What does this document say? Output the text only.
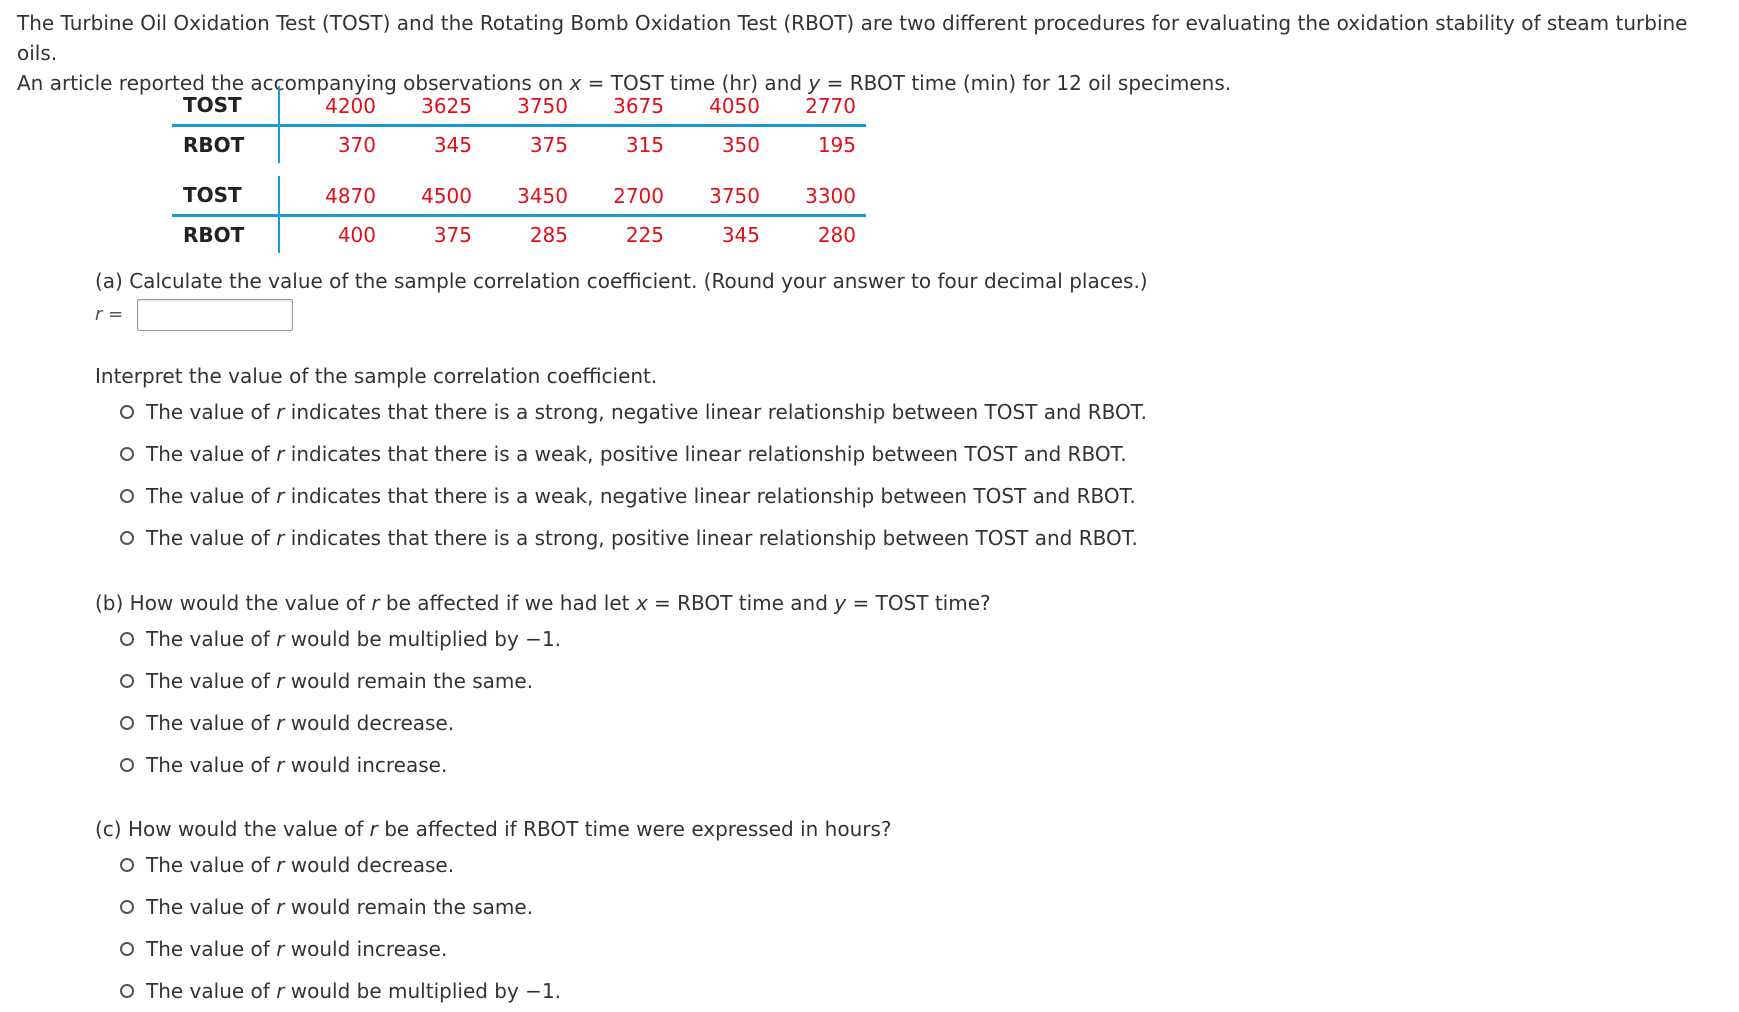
The Turbine Oil Oxidation Test (TOST) and the Rotating Bomb Oxidation Test (RBOT) are two different procedures for evaluating the oxidation stability of steam turbine oils.

An article reported the accompanying observations on x = TOST time (hr) and y = RBOT time (min) for 12 oil specimens.

TOST	4200	3625	3750	3675	4050	2770
RBOT	370	345	375	315	350	195
TOST	4870	4500	3450	2700	3750	3300
RBOT	400	375	285	225	345	280

(a) Calculate the value of the sample correlation coefficient. (Round your answer to four decimal places.)

r =

Interpret the value of the sample correlation coefficient.

The value of r indicates that there is a strong, negative linear relationship between TOST and RBOT.
The value of r indicates that there is a weak, positive linear relationship between TOST and RBOT.
The value of r indicates that there is a weak, negative linear relationship between TOST and RBOT.
The value of r indicates that there is a strong, positive linear relationship between TOST and RBOT.

(b) How would the value of r be affected if we had let x = RBOT time and y = TOST time?

The value of r would be multiplied by −1.
The value of r would remain the same.
The value of r would decrease.
The value of r would increase.

(c) How would the value of r be affected if RBOT time were expressed in hours?

The value of r would decrease.
The value of r would remain the same.
The value of r would increase.
The value of r would be multiplied by −1.
